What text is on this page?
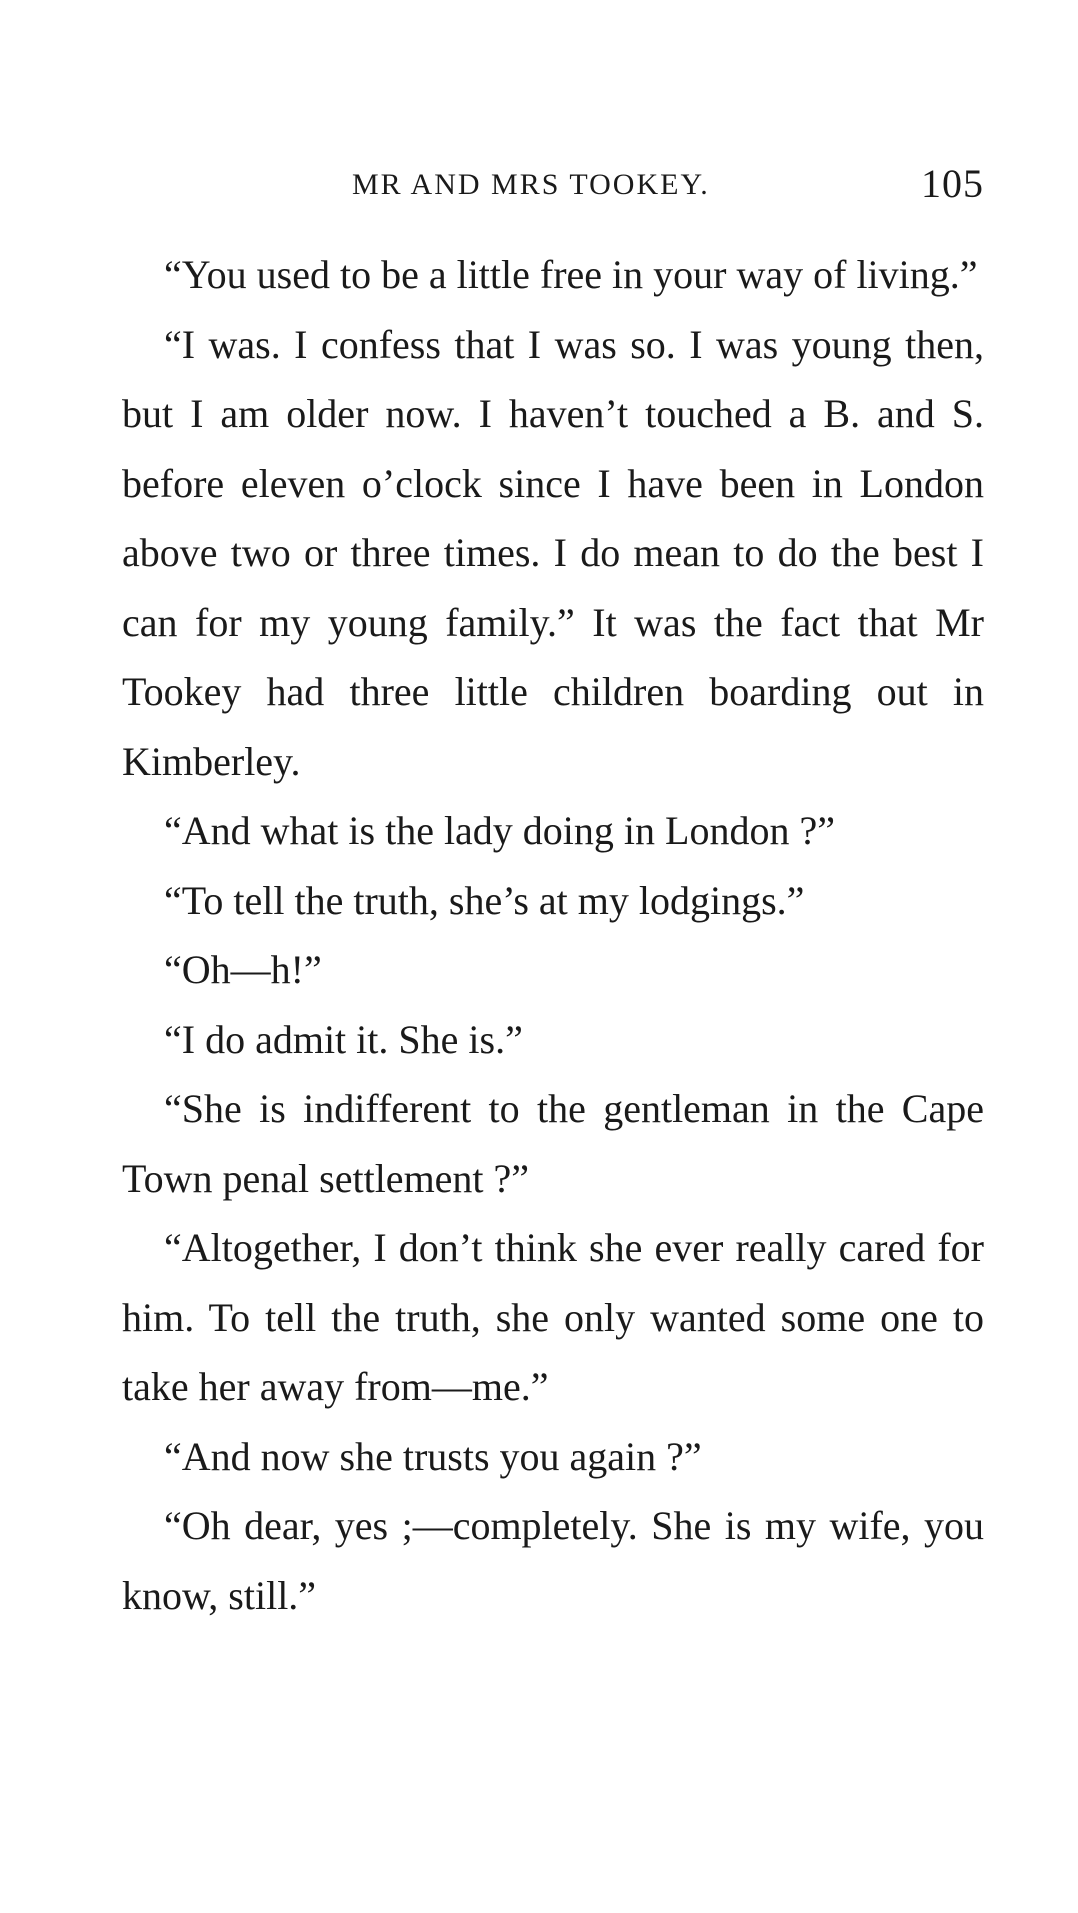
MR AND MRS TOOKEY.	105

“You used to be a little free in your way of living.”

“I was. I confess that I was so. I was young then, but I am older now. I haven’t touched a B. and S. before eleven o’clock since I have been in London above two or three times. I do mean to do the best I can for my young family.” It was the fact that Mr Tookey had three little children boarding out in Kimberley.

“And what is the lady doing in London ?”

“To tell the truth, she’s at my lodgings.”

“Oh—h!”

“I do admit it. She is.”

“She is indifferent to the gentleman in the Cape Town penal settlement ?”

“Altogether, I don’t think she ever really cared for him. To tell the truth, she only wanted some one to take her away from—me.”

“And now she trusts you again ?”

“Oh dear, yes ;—completely. She is my wife, you know, still.”
